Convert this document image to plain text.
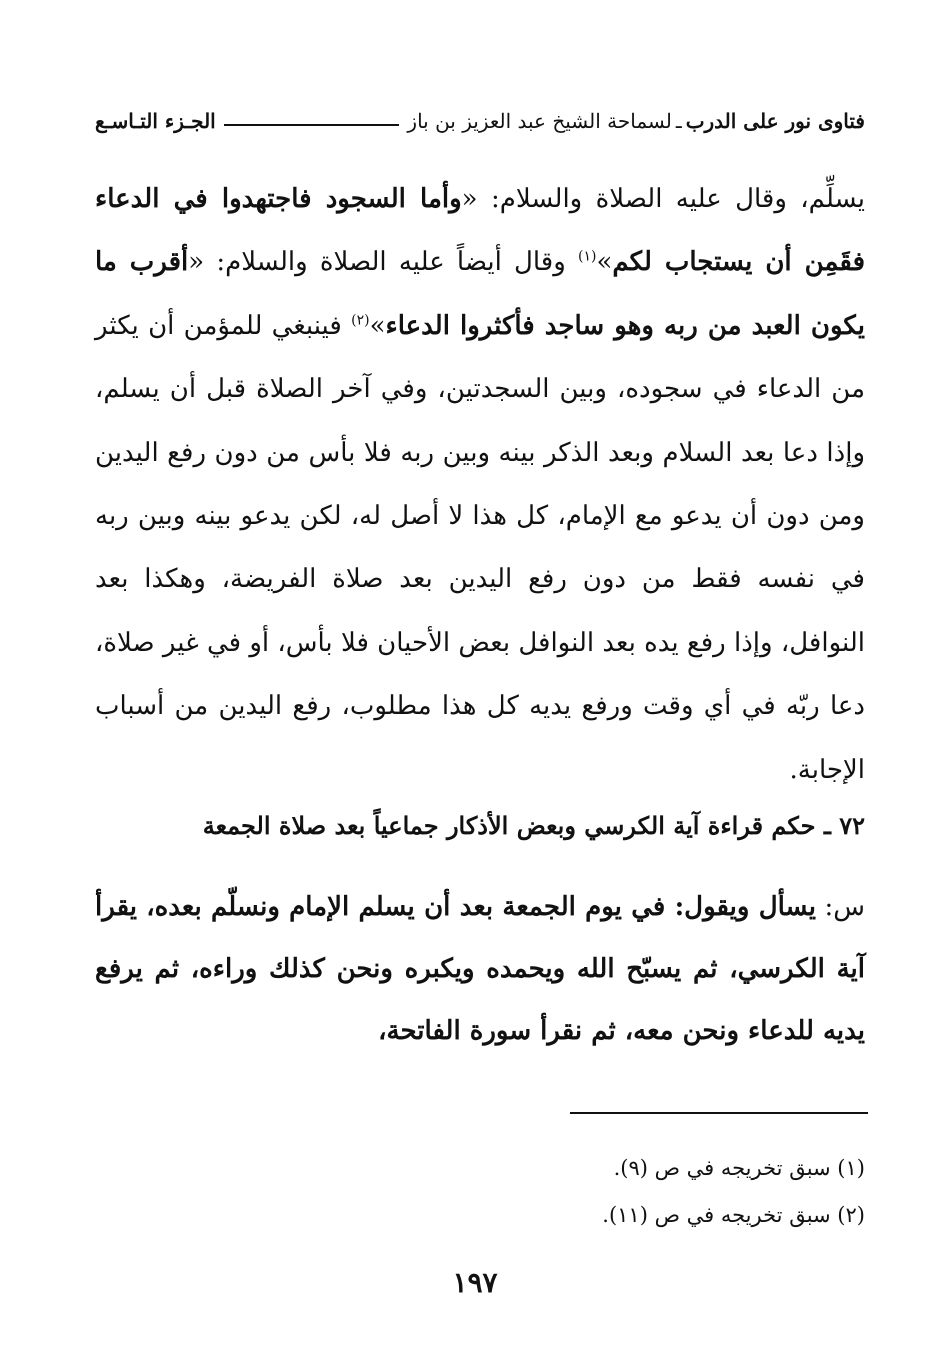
فتاوى نور على الدرب
ـ
لسماحة الشيخ عبد العزيز بن باز
الجـزء التـاسـع

يسلِّم، وقال عليه الصلاة والسلام: «وأما السجود فاجتهدوا في الدعاء فقَمِن أن يستجاب لكم»$^{(١)}$ وقال أيضاً عليه الصلاة والسلام: «أقرب ما يكون العبد من ربه وهو ساجد فأكثروا الدعاء»$^{(٢)}$ فينبغي للمؤمن أن يكثر من الدعاء في سجوده، وبين السجدتين، وفي آخر الصلاة قبل أن يسلم، وإذا دعا بعد السلام وبعد الذكر بينه وبين ربه فلا بأس من دون رفع اليدين ومن دون أن يدعو مع الإمام، كل هذا لا أصل له، لكن يدعو بينه وبين ربه في نفسه فقط من دون رفع اليدين بعد صلاة الفريضة، وهكذا بعد النوافل، وإذا رفع يده بعد النوافل بعض الأحيان فلا بأس، أو في غير صلاة، دعا ربّه في أي وقت ورفع يديه كل هذا مطلوب، رفع اليدين من أسباب الإجابة.

٧٢ ـ حكم قراءة آية الكرسي وبعض الأذكار جماعياً بعد صلاة الجمعة

س: يسأل ويقول: في يوم الجمعة بعد أن يسلم الإمام ونسلّم بعده، يقرأ آية الكرسي، ثم يسبّح الله ويحمده ويكبره ونحن كذلك وراءه، ثم يرفع يديه للدعاء ونحن معه، ثم نقرأ سورة الفاتحة،

(١) سبق تخريجه في ص (٩).
(٢) سبق تخريجه في ص (١١).
١٩٧
